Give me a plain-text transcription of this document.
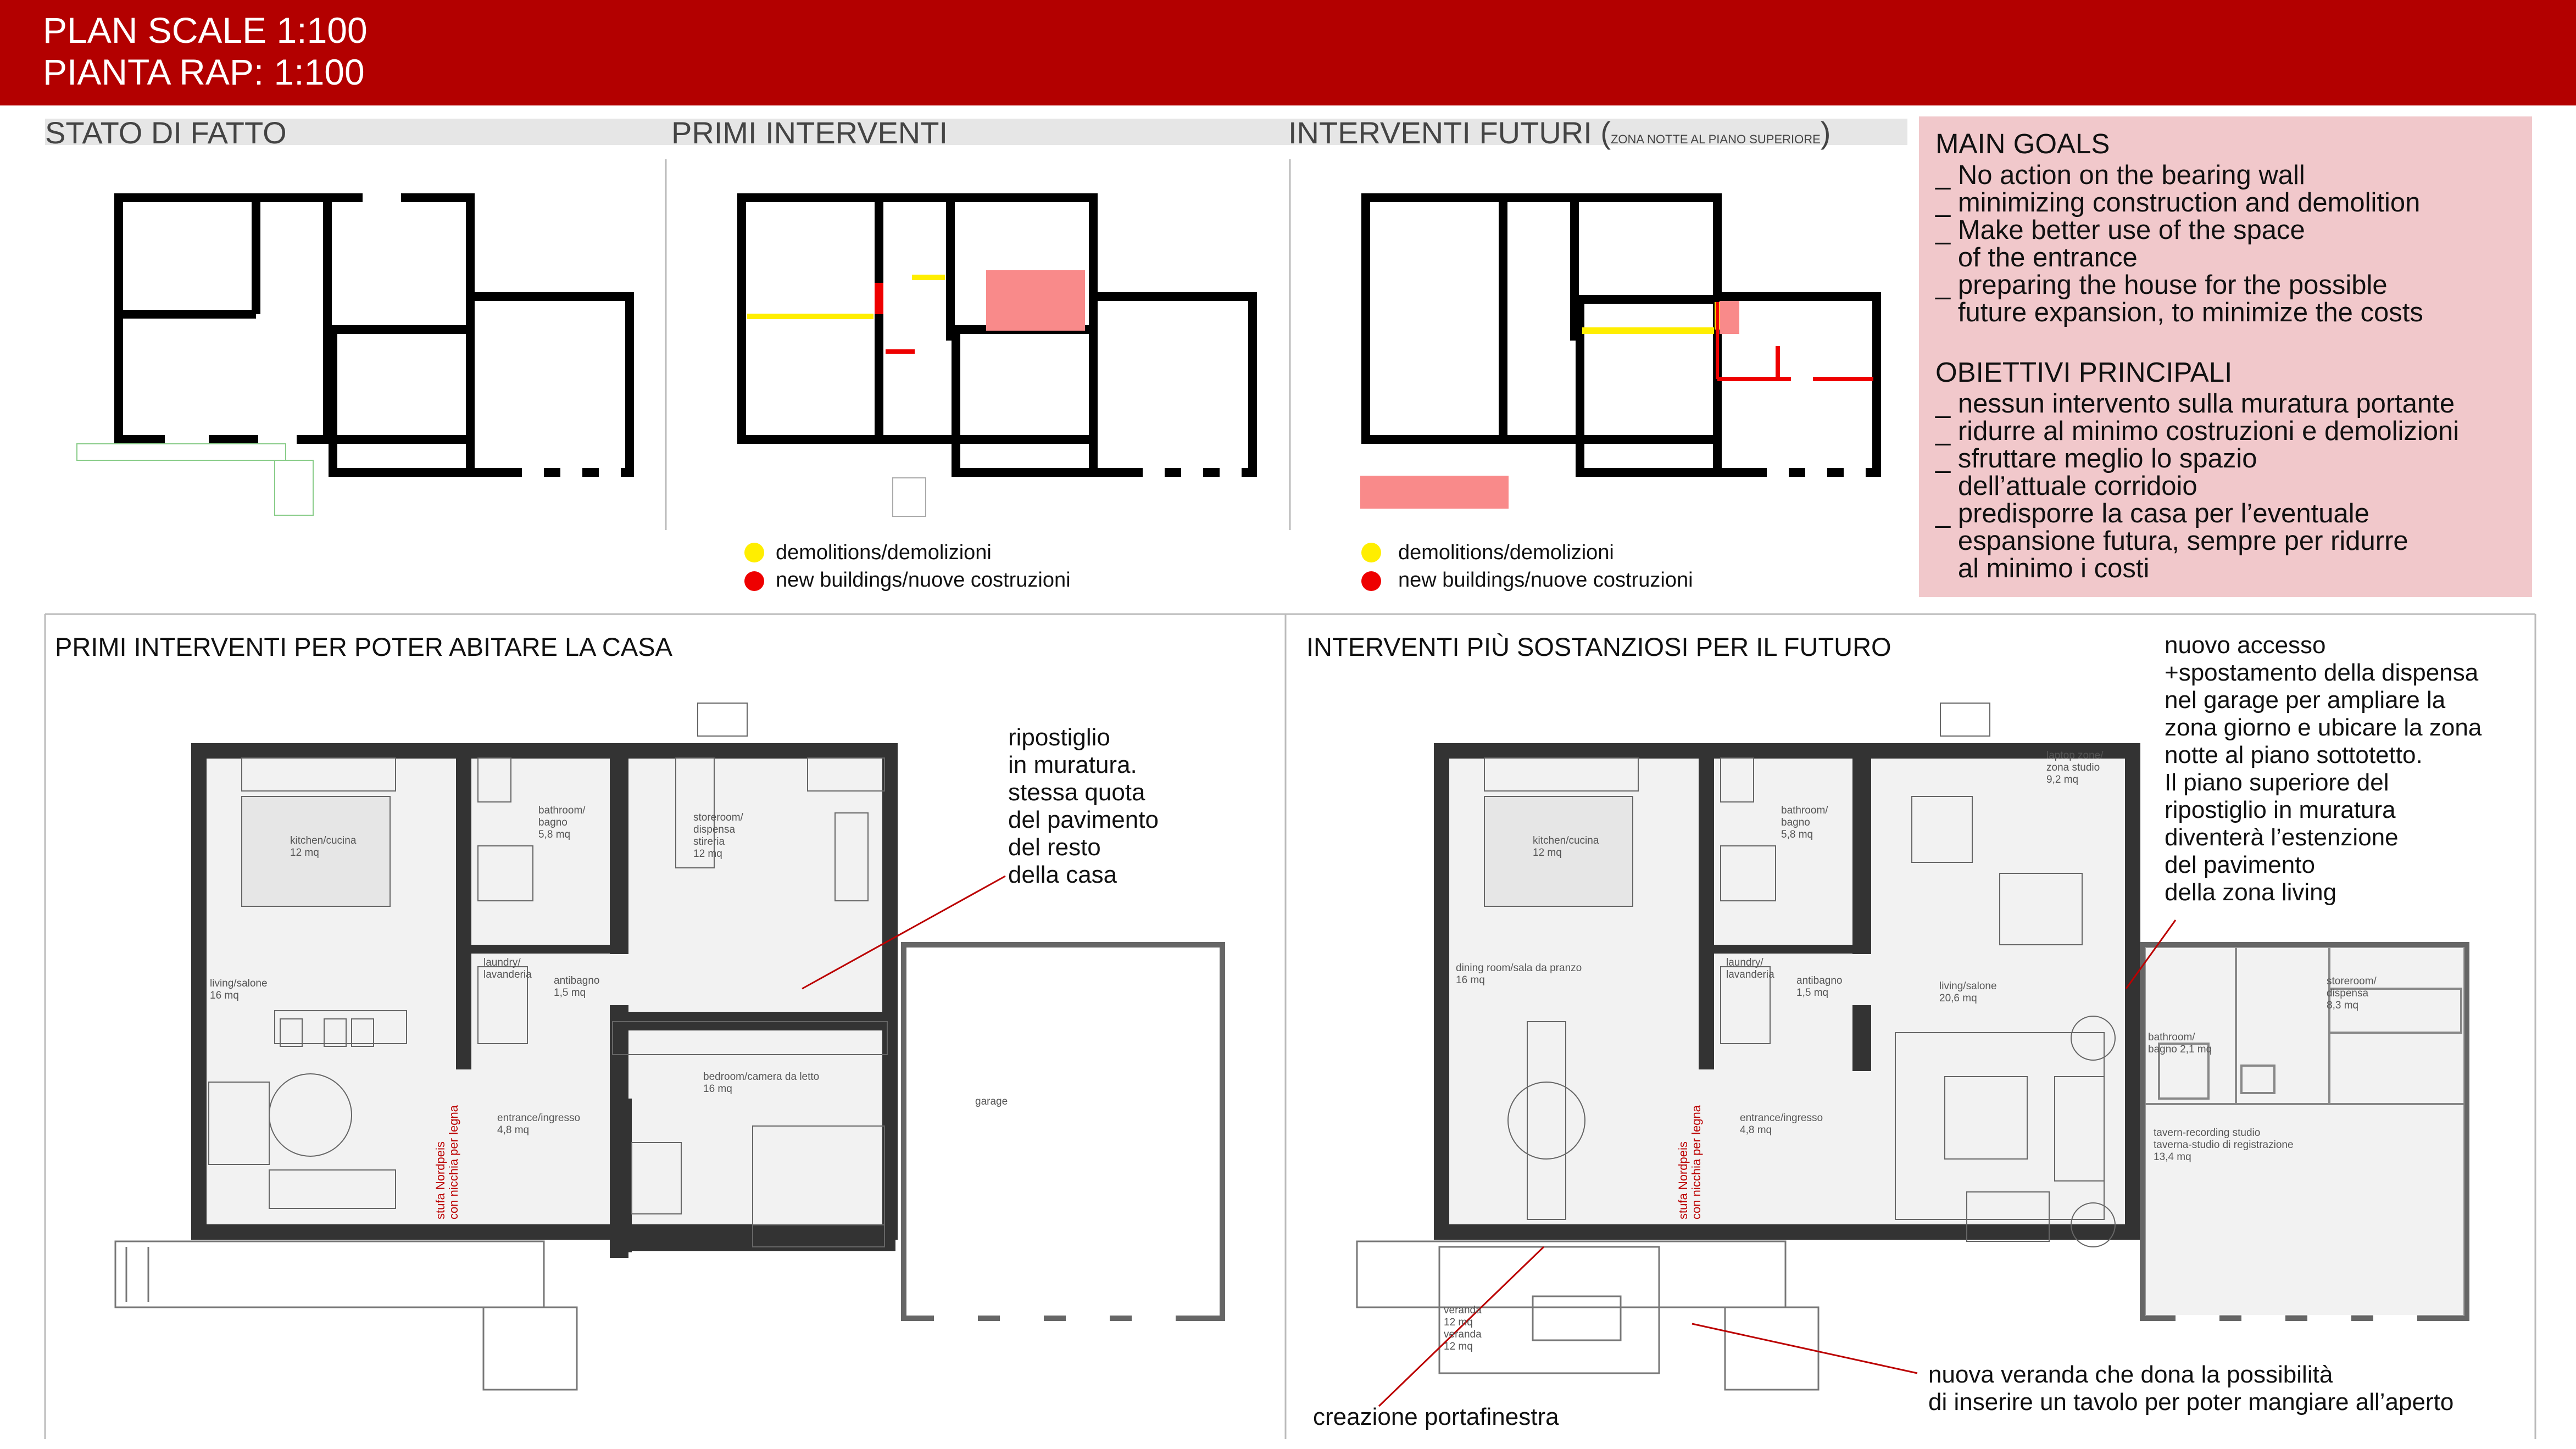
PLAN SCALE 1:100
PIANTA RAP: 1:100
STATO DI FATTO	PRIMI INTERVENTI	INTERVENTI FUTURI (ZONA NOTTE AL PIANO SUPERIORE)
demolitions/demolizioni
new buildings/nuove costruzioni
demolitions/demolizioni
new buildings/nuove costruzioni
MAIN GOALS
_ No action on the bearing wall
_ minimizing construction and demolition
_ Make better use of the space
of the entrance
_ preparing the house for the possible
future expansion, to minimize the costs
OBIETTIVI PRINCIPALI
_ nessun intervento sulla muratura portante
_ ridurre al minimo costruzioni e demolizioni
_ sfruttare meglio lo spazio
dell’attuale corridoio
_ predisporre la casa per l’eventuale
espansione futura, sempre per ridurre
al minimo i costi
PRIMI INTERVENTI PER POTER ABITARE LA CASA
ripostiglio
in muratura.
stessa quota
del pavimento
del resto
della casa
kitchen/cucina
12 mq
bathroom/
bagno
5,8 mq
storeroom/
dispensa
stireria
12 mq
living/salone
16 mq
laundry/
lavanderia
antibagno
1,5 mq
bedroom/camera da letto
16 mq
entrance/ingresso
4,8 mq
garage
stufa Nordpeis con nicchia per legna
INTERVENTI PIÙ SOSTANZIOSI PER IL FUTURO	nuovo accesso
+spostamento della dispensa
nel garage per ampliare la
zona giorno e ubicare la zona
notte al piano sottotetto.
Il piano superiore del
ripostiglio in muratura
diventerà l’estenzione
del pavimento
della zona living
creazione portafinestra
nuova veranda che dona la possibilità
di inserire un tavolo per poter mangiare all’aperto
kitchen/cucina
12 mq
bathroom/
bagno
5,8 mq
laptop zone/
zona studio
9,2 mq
dining room/sala da pranzo
16 mq
laundry/
lavanderia
antibagno
1,5 mq
living/salone
20,6 mq
storeroom/
dispensa
8,3 mq
bathroom/
bagno 2,1 mq
entrance/ingresso
4,8 mq	tavern-recording studio
taverna-studio di registrazione
13,4 mq
veranda
12 mq
veranda
12 mq
stufa Nordpeis con nicchia per legna
